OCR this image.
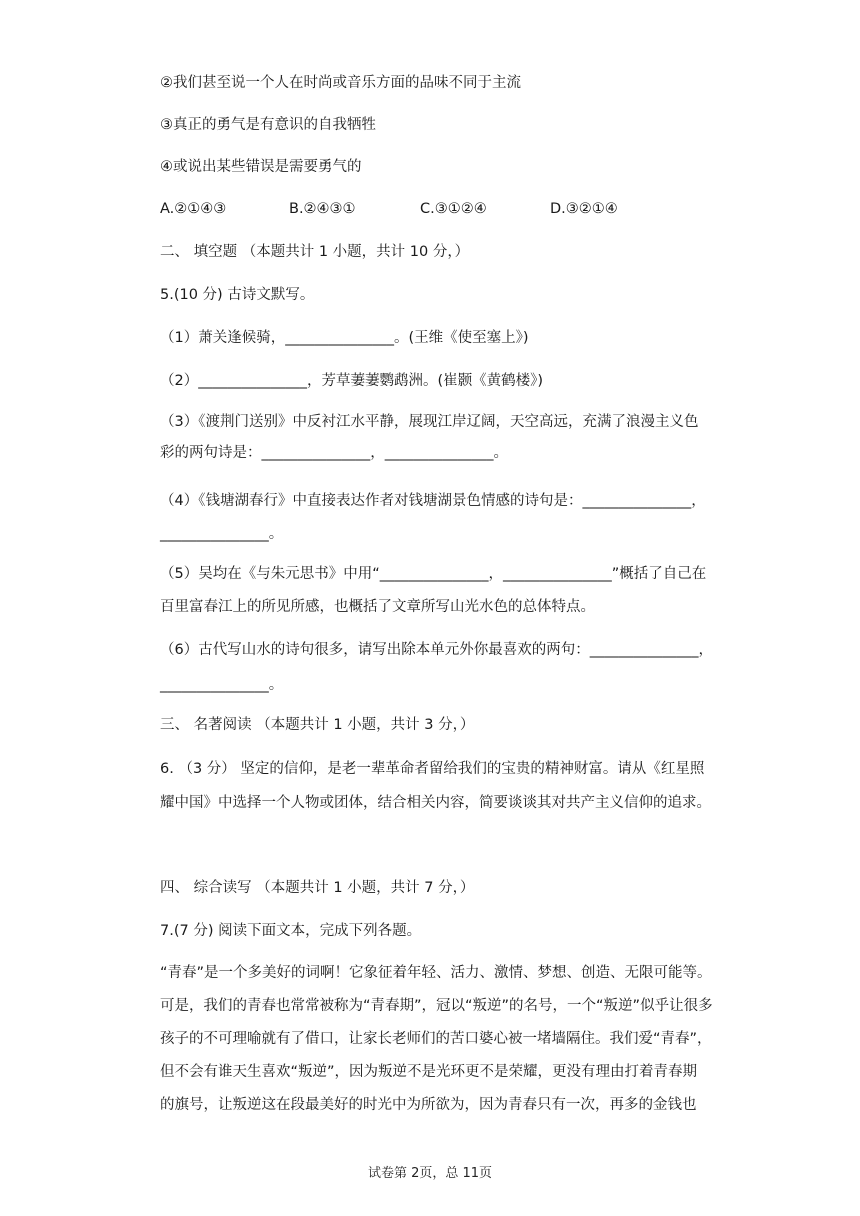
②我们甚至说一个人在时尚或音乐方面的品味不同于主流
③真正的勇气是有意识的自我牺牲
④或说出某些错误是需要勇气的
A.②①④③	B.②④③①	C.③①②④	D.③②①④
二、 填空题 （本题共计 1 小题，共计 10 分，）
5.(10 分) 古诗文默写。
（1）萧关逢候骑，_______________。(王维《使至塞上》)
（2）_______________，芳草萋萋鹦鹉洲。(崔颢《黄鹤楼》)
（3）《渡荆门送别》中反衬江水平静，展现江岸辽阔，天空高远，充满了浪漫主义色
彩的两句诗是：_______________，_______________。
（4）《钱塘湖春行》中直接表达作者对钱塘湖景色情感的诗句是：_______________，
_______________。
（5）吴均在《与朱元思书》中用“_______________，_______________”概括了自己在
百里富春江上的所见所感，也概括了文章所写山光水色的总体特点。
（6）古代写山水的诗句很多，请写出除本单元外你最喜欢的两句：_______________，
_______________。
三、 名著阅读 （本题共计 1 小题，共计 3 分，）
6. （3 分） 坚定的信仰，是老一辈革命者留给我们的宝贵的精神财富。请从《红星照
耀中国》中选择一个人物或团体，结合相关内容，简要谈谈其对共产主义信仰的追求。
四、 综合读写 （本题共计 1 小题，共计 7 分，）
7.(7 分) 阅读下面文本，完成下列各题。
“青春”是一个多美好的词啊！它象征着年轻、活力、激情、梦想、创造、无限可能等。
可是，我们的青春也常常被称为“青春期”，冠以“叛逆”的名号，一个“叛逆”似乎让很多
孩子的不可理喻就有了借口，让家长老师们的苦口婆心被一堵墙隔住。我们爱“青春”，
但不会有谁天生喜欢“叛逆”，因为叛逆不是光环更不是荣耀，更没有理由打着青春期
的旗号，让叛逆这在段最美好的时光中为所欲为，因为青春只有一次，再多的金钱也
试卷第 2页，总 11页
